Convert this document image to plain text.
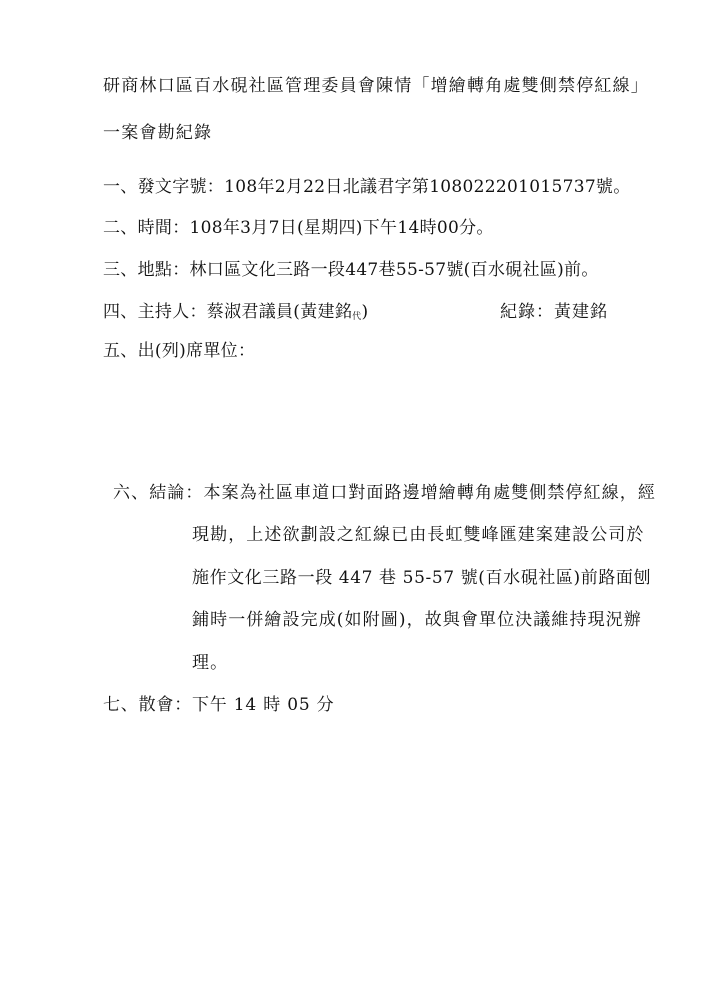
研商林口區百水硯社區管理委員會陳情「增繪轉角處雙側禁停紅線」
一案會勘紀錄
一、發文字號：108年2月22日北議君字第108022201015737號。
二、時間：108年3月7日(星期四)下午14時00分。
三、地點：林口區文化三路一段447巷55-57號(百水硯社區)前。
四、主持人：蔡淑君議員(黃建銘代)	紀錄：黃建銘
五、出(列)席單位：
六、結論：本案為社區車道口對面路邊增繪轉角處雙側禁停紅線，經
現勘，上述欲劃設之紅線已由長虹雙峰匯建案建設公司於
施作文化三路一段 447 巷 55-57 號(百水硯社區)前路面刨
鋪時一併繪設完成(如附圖)，故與會單位決議維持現況辦
理。
七、散會：下午 14 時 05 分
